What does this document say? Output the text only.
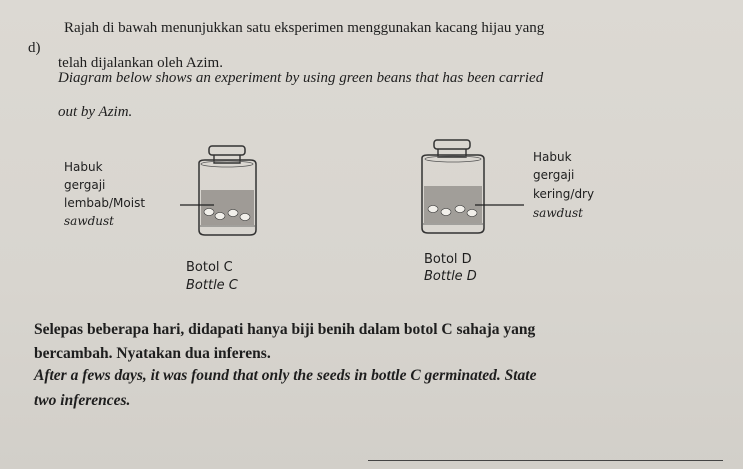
d)
Rajah di bawah menunjukkan satu eksperimen menggunakan kacang hijau yang
telah dijalankan oleh Azim.
Diagram below shows an experiment by using green beans that has been carried
out by Azim.
Habuk
gergaji
lembab/Moist
sawdust
Habuk
gergaji
kering/dry
sawdust
Botol C
Bottle C
Botol D
Bottle D
Selepas beberapa hari, didapati hanya biji benih dalam botol C sahaja yang
bercambah. Nyatakan dua inferens.
After a fews days, it was found that only the seeds in bottle C germinated. State
two inferences.
